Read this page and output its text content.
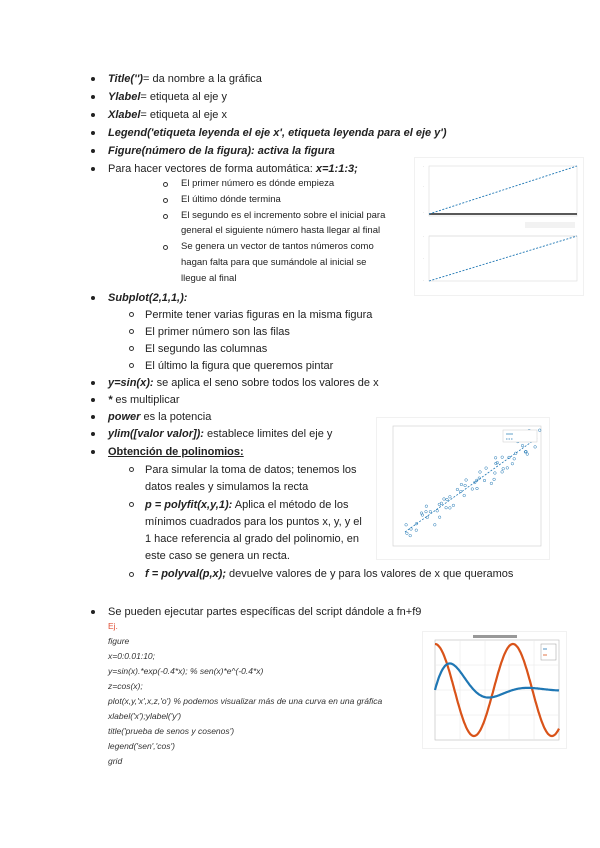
Title('')= da nombre a la gráfica
Ylabel= etiqueta al eje y
Xlabel= etiqueta al eje x
Legend('etiqueta leyenda el eje x', etiqueta leyenda para el eje y')
Figure(número de la figura): activa la figura
Para hacer vectores de forma automática: x=1:1:3;
El primer número es dónde empieza
El último dónde termina
El segundo es el incremento sobre el inicial para
general el siguiente número hasta llegar al final
Se genera un vector de tantos números como
hagan falta para que sumándole al inicial se
llegue al final
·
·
·
·
·
·
Subplot(2,1,1,):
Permite tener varias figuras en la misma figura
El primer número son las filas
El segundo las columnas
El último la figura que queremos pintar
y=sin(x): se aplica el seno sobre todos los valores de x
* es multiplicar
power es la potencia
ylim([valor valor]): establece limites del eje y
Obtención de polinomios:
Para simular la toma de datos; tenemos los
datos reales y simulamos la recta
p = polyfit(x,y,1): Aplica el método de los
mínimos cuadrados para los puntos x, y, y el
1 hace referencia al grado del polinomio, en
este caso se genera un recta.
f = polyval(p,x); devuelve valores de y para los valores de x que queramos
Se pueden ejecutar partes específicas del script dándole a fn+f9
Ej.
figure
x=0:0.01:10;
y=sin(x).*exp(-0.4*x); % sen(x)*e^(-0.4*x)
z=cos(x);
plot(x,y,'x',x,z,'o') % podemos visualizar más de una curva en una gráfica
xlabel('x');ylabel('y')
title('prueba de senos y cosenos')
legend('sen','cos')
grid
